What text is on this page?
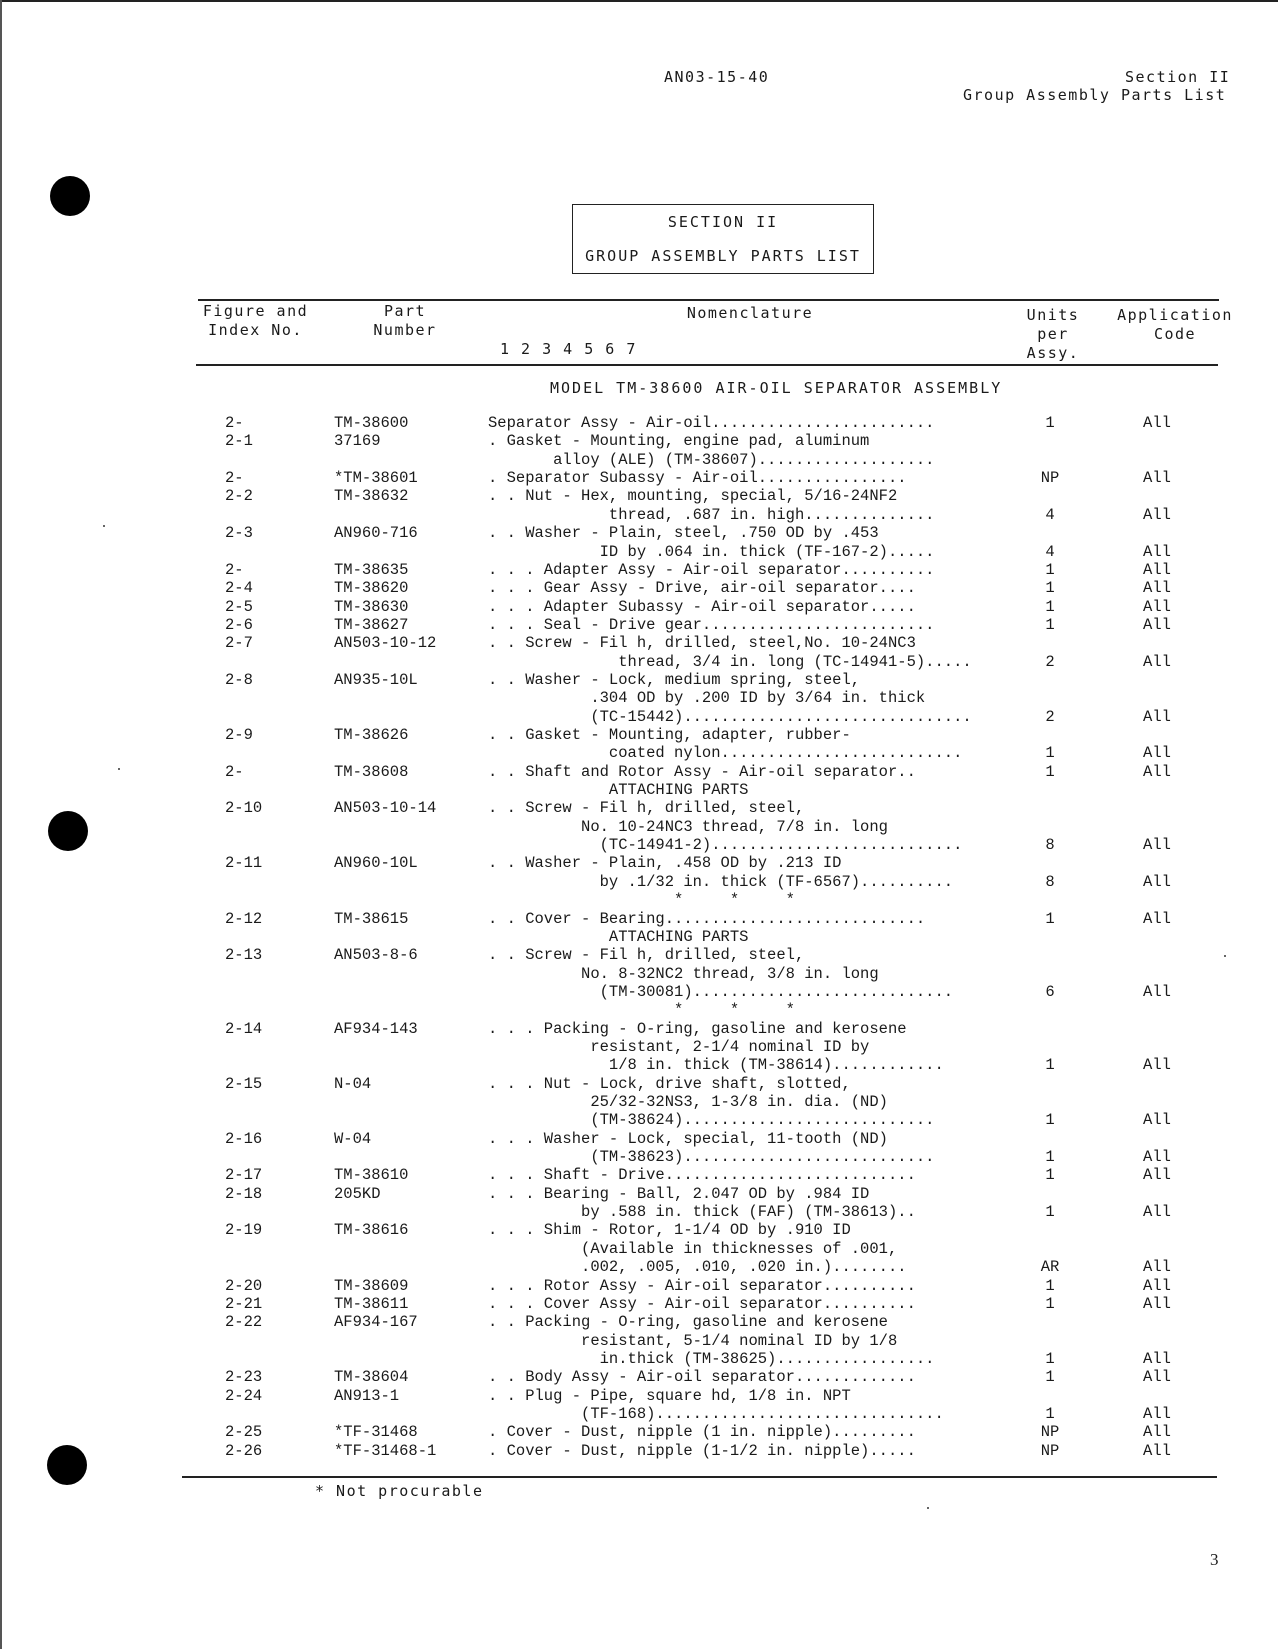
AN03-15-40	Section II
Group Assembly Parts List
SECTION II
GROUP ASSEMBLY PARTS LIST
Figure and
Index No.
Part
Number
Nomenclature
1 2 3 4 5 6 7
Units
per
Assy.
Application
Code
MODEL TM-38600 AIR-OIL SEPARATOR ASSEMBLY
2-	TM-38600	Separator Assy - Air-oil........................	1	All
2-1	37169	. Gasket - Mounting, engine pad, aluminum
alloy (ALE) (TM-38607)...................
2-	*TM-38601	. Separator Subassy - Air-oil................	NP	All
2-2	TM-38632	. . Nut - Hex, mounting, special, 5/16-24NF2
thread, .687 in. high..............	4	All
2-3	AN960-716	. . Washer - Plain, steel, .750 OD by .453
ID by .064 in. thick (TF-167-2).....	4	All
2-	TM-38635	. . . Adapter Assy - Air-oil separator..........	1	All
2-4	TM-38620	. . . Gear Assy - Drive, air-oil separator....	1	All
2-5	TM-38630	. . . Adapter Subassy - Air-oil separator.....	1	All
2-6	TM-38627	. . . Seal - Drive gear.........................	1	All
2-7	AN503-10-12	. . Screw - Fil h, drilled, steel,No. 10-24NC3
thread, 3/4 in. long (TC-14941-5).....	2	All
2-8	AN935-10L	. . Washer - Lock, medium spring, steel,
.304 OD by .200 ID by 3/64 in. thick
(TC-15442)...............................	2	All
2-9	TM-38626	. . Gasket - Mounting, adapter, rubber-
coated nylon..........................	1	All
2-	TM-38608	. . Shaft and Rotor Assy - Air-oil separator..	1	All
ATTACHING PARTS
2-10	AN503-10-14	. . Screw - Fil h, drilled, steel,
No. 10-24NC3 thread, 7/8 in. long
(TC-14941-2)...........................	8	All
2-11	AN960-10L	. . Washer - Plain, .458 OD by .213 ID
by .1/32 in. thick (TF-6567)..........	8	All
*     *     *
2-12	TM-38615	. . Cover - Bearing............................	1	All
ATTACHING PARTS
2-13	AN503-8-6	. . Screw - Fil h, drilled, steel,
No. 8-32NC2 thread, 3/8 in. long
(TM-30081)............................	6	All
*     *     *
2-14	AF934-143	. . . Packing - O-ring, gasoline and kerosene
resistant, 2-1/4 nominal ID by
1/8 in. thick (TM-38614)............	1	All
2-15	N-04	. . . Nut - Lock, drive shaft, slotted,
25/32-32NS3, 1-3/8 in. dia. (ND)
(TM-38624)...........................	1	All
2-16	W-04	. . . Washer - Lock, special, 11-tooth (ND)
(TM-38623)...........................	1	All
2-17	TM-38610	. . . Shaft - Drive...........................	1	All
2-18	205KD	. . . Bearing - Ball, 2.047 OD by .984 ID
by .588 in. thick (FAF) (TM-38613)..	1	All
2-19	TM-38616	. . . Shim - Rotor, 1-1/4 OD by .910 ID
(Available in thicknesses of .001,
.002, .005, .010, .020 in.)........	AR	All
2-20	TM-38609	. . . Rotor Assy - Air-oil separator..........	1	All
2-21	TM-38611	. . . Cover Assy - Air-oil separator..........	1	All
2-22	AF934-167	. . Packing - O-ring, gasoline and kerosene
resistant, 5-1/4 nominal ID by 1/8
in.thick (TM-38625).................	1	All
2-23	TM-38604	. . Body Assy - Air-oil separator.............	1	All
2-24	AN913-1	. . Plug - Pipe, square hd, 1/8 in. NPT
(TF-168)...............................	1	All
2-25	*TF-31468	. Cover - Dust, nipple (1 in. nipple).........	NP	All
2-26	*TF-31468-1	. Cover - Dust, nipple (1-1/2 in. nipple).....	NP	All
* Not procurable
3
